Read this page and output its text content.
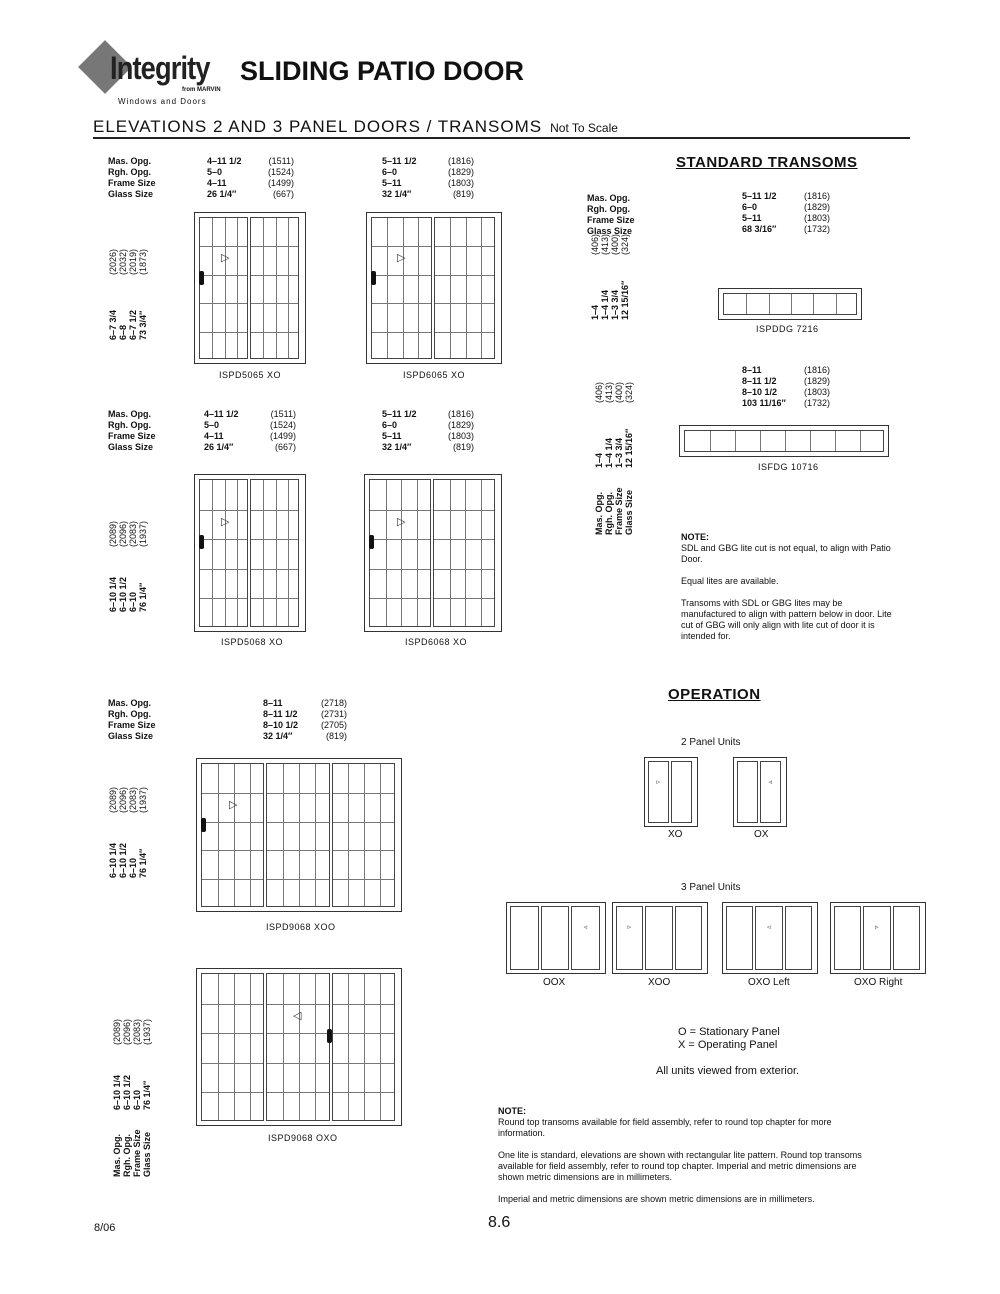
Integrity
from MARVIN
Windows and Doors
SLIDING PATIO DOOR
ELEVATIONS 2 AND 3 PANEL DOORS / TRANSOMS Not To Scale
Mas. Opg.
Rgh. Opg.
Frame Size
Glass Size
4–11 1/2
5–0
4–11
26 1/4″
(1511)
(1524)
(1499)
(667)
5–11 1/2
6–0
5–11
32 1/4″
(1816)
(1829)
(1803)
(819)
(2026)
6–7 3/4
(2032)
6–8
(2019)
6–7 1/2
(1873)
73 3/4″
▷
ISPD5065 XO
▷
ISPD6065 XO
Mas. Opg.
Rgh. Opg.
Frame Size
Glass Size
4–11 1/2
5–0
4–11
26 1/4″
(1511)
(1524)
(1499)
(667)
5–11 1/2
6–0
5–11
32 1/4″
(1816)
(1829)
(1803)
(819)
(2089)
6–10 1/4
(2096)
6–10 1/2
(2083)
6–10
(1937)
76 1/4″
▷
ISPD5068 XO
▷
ISPD6068 XO
Mas. Opg.
Rgh. Opg.
Frame Size
Glass Size
8–11
8–11 1/2
8–10 1/2
32 1/4″
(2718)
(2731)
(2705)
(819)
(2089)
6–10 1/4
(2096)
6–10 1/2
(2083)
6–10
(1937)
76 1/4″
▷
ISPD9068 XOO
(2089)
6–10 1/4
Mas. Opg.
(2096)
6–10 1/2
Rgh. Opg.
(2083)
6–10
Frame Size
(1937)
76 1/4″
Glass Size
◁
ISPD9068 OXO
(406)
1–4
(413)
1–4 1/4
(400)
1–3 3/4
(324)
12 15/16″
Mas. Opg.
Rgh. Opg.
Frame Size
Glass Size
5–11 1/2
6–0
5–11
68 3/16″
(1816)
(1829)
(1803)
(1732)
ISPDDG 7216
(406)
1–4
Mas. Opg.
(413)
1–4 1/4
Rgh. Opg.
(400)
1–3 3/4
Frame Size
(324)
12 15/16″
Glass Size
8–11
8–11 1/2
8–10 1/2
103 11/16″
(1816)
(1829)
(1803)
(1732)
ISFDG 10716
▹
XO
◃
OX
◃
OOX
▹
XOO
◃
OXO Left
▹
OXO Right
STANDARD TRANSOMS
NOTE:
SDL and GBG lite cut is not equal, to align with Patio Door.
Equal lites are available.
Transoms with SDL or GBG lites may be manufactured to align with pattern below in door. Lite cut of GBG will only align with lite cut of door it is intended for.
OPERATION
2 Panel Units
3 Panel Units
O = Stationary Panel
X = Operating Panel
All units viewed from exterior.
NOTE:
Round top transoms available for field assembly, refer to round top chapter for more information.
One lite is standard, elevations are shown with rectangular lite pattern. Round top transoms available for field assembly, refer to round top chapter. Imperial and metric dimensions are shown metric dimensions are in millimeters.
Imperial and metric dimensions are shown metric dimensions are in millimeters.
8/06	8.6
